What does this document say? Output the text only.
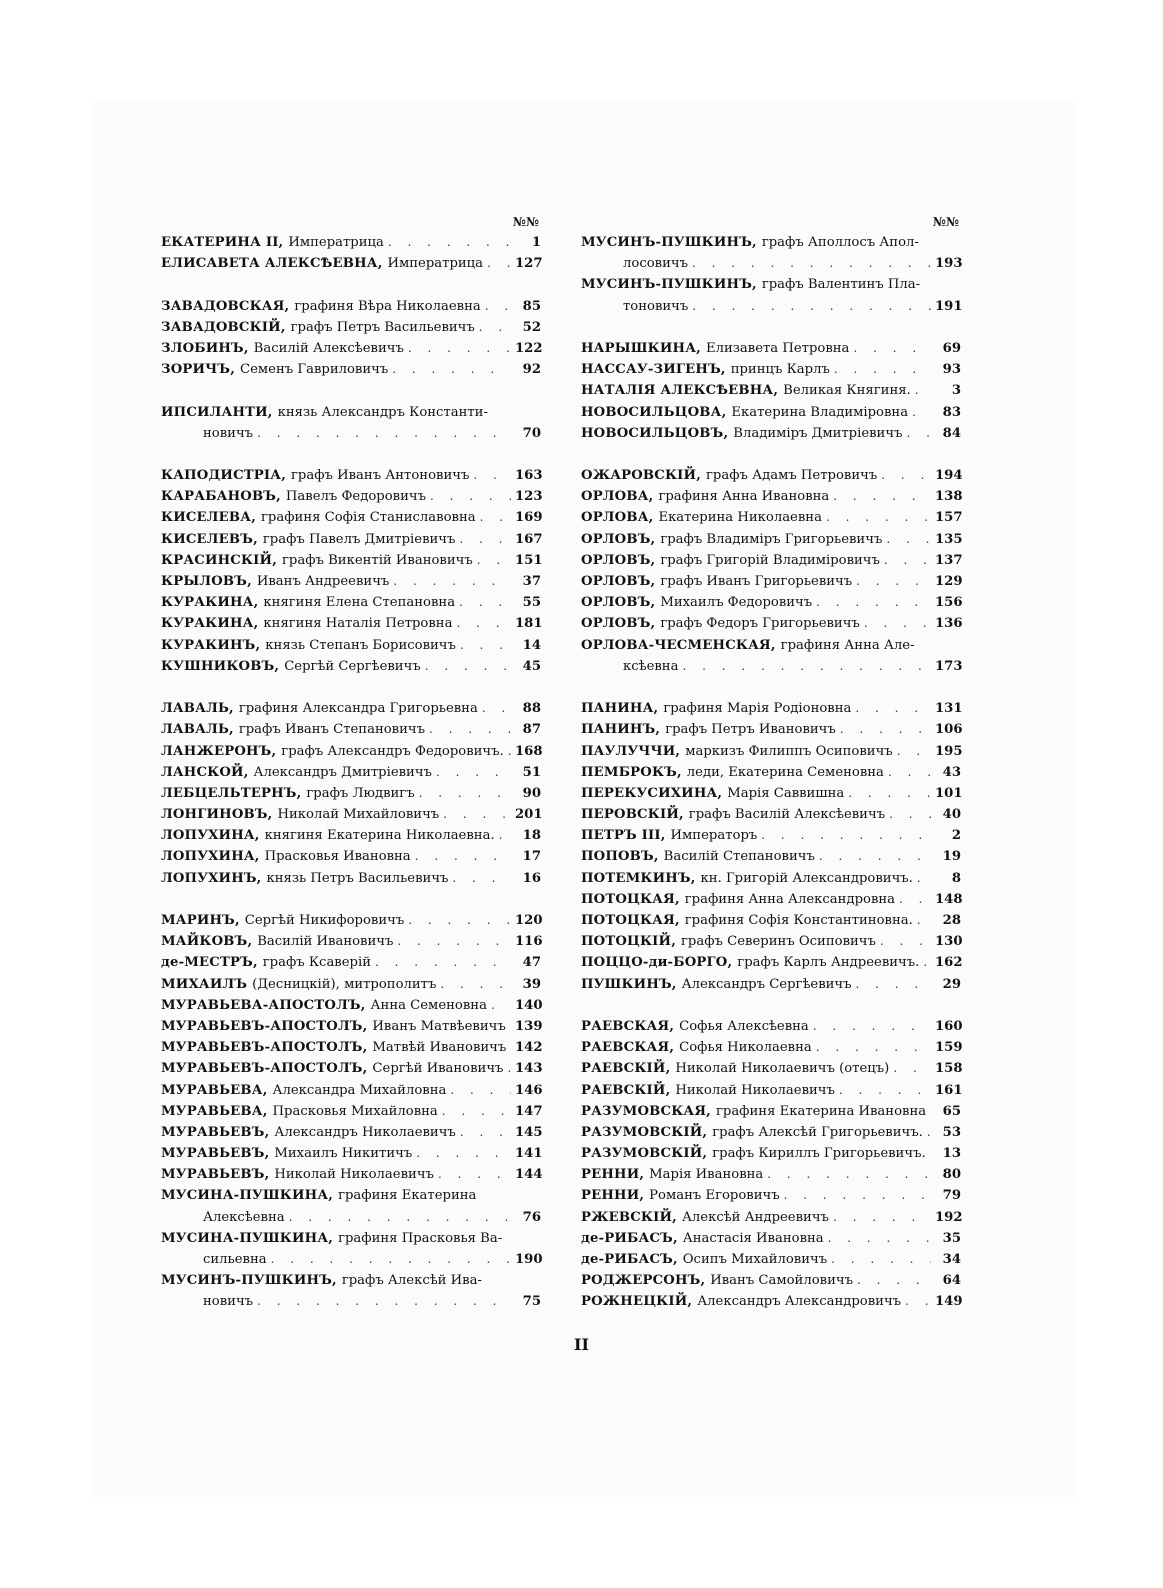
№№
ЕКАТЕРИНА II, Императрица . . .	1
ЕЛИСАВЕТА АЛЕКСѢЕВНА, Императрица . . . 127
ЗАВАДОВСКАЯ, графиня Вѣра Николаевна . . .	85
ЗАВАДОВСКІЙ, графъ Петръ Васильевичъ . . .	52
ЗЛОБИНЪ, Василій Алексѣевичъ . . .	122
ЗОРИЧЪ, Семенъ Гавриловичъ . . .	92
ИПСИЛАНТИ, князь Александръ Константи-
новичъ . . .	70
КАПОДИСТРІА, графъ Иванъ Антоновичъ . . .	163
КАРАБАНОВЪ, Павелъ Федоровичъ . . .	123
КИСЕЛЕВА, графиня Софія Станиславовна . . .	169
КИСЕЛЕВЪ, графъ Павелъ Дмитріевичъ . . .	167
КРАСИНСКІЙ, графъ Викентій Ивановичъ . . .	151
КРЫЛОВЪ, Иванъ Андреевичъ . . .	37
КУРАКИНА, княгиня Елена Степановна . . .	55
КУРАКИНА, княгиня Наталія Петровна . . .	181
КУРАКИНЪ, князь Степанъ Борисовичъ . . .	14
КУШНИКОВЪ, Сергѣй Сергѣевичъ . . .	45
ЛАВАЛЬ, графиня Александра Григорьевна . . .	88
ЛАВАЛЬ, графъ Иванъ Степановичъ . . .	87
ЛАНЖЕРОНЪ, графъ Александръ Федоровичъ. . . . 168
ЛАНСКОЙ, Александръ Дмитріевичъ . . .	51
ЛЕБЦЕЛЬТЕРНЪ, графъ Людвигъ . . .	90
ЛОНГИНОВЪ, Николай Михайловичъ . . .	201
ЛОПУХИНА, княгиня Екатерина Николаевна. . . .	18
ЛОПУХИНА, Прасковья Ивановна . . .	17
ЛОПУХИНЪ, князь Петръ Васильевичъ . . .	16
МАРИНЪ, Сергѣй Никифоровичъ . . .	120
МАЙКОВЪ, Василій Ивановичъ . . .	116
де-МЕСТРЪ, графъ Ксаверій . . .	47
МИХАИЛЪ (Десницкій), митрополитъ . . .	39
МУРАВЬЕВА-АПОСТОЛЪ, Анна Семеновна . . . 140
МУРАВЬЕВЪ-АПОСТОЛЪ, Иванъ Матвѣевичъ . . . 139
МУРАВЬЕВЪ-АПОСТОЛЪ, Матвѣй Ивановичъ . . . 142
МУРАВЬЕВЪ-АПОСТОЛЪ, Сергѣй Ивановичъ . . . 143
МУРАВЬЕВА, Александра Михайловна . . .	146
МУРАВЬЕВА, Прасковья Михайловна . . .	147
МУРАВЬЕВЪ, Александръ Николаевичъ . . .	145
МУРАВЬЕВЪ, Михаилъ Никитичъ . . .	141
МУРАВЬЕВЪ, Николай Николаевичъ . . .	144
МУСИНА-ПУШКИНА, графиня Екатерина
Алексѣевна . . .	76
МУСИНА-ПУШКИНА, графиня Прасковья Ва-
сильевна . . .	190
МУСИНЪ-ПУШКИНЪ, графъ Алексѣй Ива-
новичъ . . .	75
№№
МУСИНЪ-ПУШКИНЪ, графъ Аполлосъ Апол-
лосовичъ . . .	193
МУСИНЪ-ПУШКИНЪ, графъ Валентинъ Пла-
тоновичъ . . .	191
НАРЫШКИНА, Елизавета Петровна . . .	69
НАССАУ-ЗИГЕНЪ, принцъ Карлъ . . .	93
НАТАЛІЯ АЛЕКСѢЕВНА, Великая Княгиня. . . .	3
НОВОСИЛЬЦОВА, Екатерина Владиміровна . . .	83
НОВОСИЛЬЦОВЪ, Владиміръ Дмитріевичъ . . .	84
ОЖАРОВСКІЙ, графъ Адамъ Петровичъ . . .	194
ОРЛОВА, графиня Анна Ивановна . . .	138
ОРЛОВА, Екатерина Николаевна . . .	157
ОРЛОВЪ, графъ Владиміръ Григорьевичъ . . .	135
ОРЛОВЪ, графъ Григорій Владиміровичъ . . .	137
ОРЛОВЪ, графъ Иванъ Григорьевичъ . . .	129
ОРЛОВЪ, Михаилъ Федоровичъ . . .	156
ОРЛОВЪ, графъ Федоръ Григорьевичъ . . .	136
ОРЛОВА-ЧЕСМЕНСКАЯ, графиня Анна Але-
ксѣевна . . .	173
ПАНИНА, графиня Марія Родіоновна . . .	131
ПАНИНЪ, графъ Петръ Ивановичъ . . .	106
ПАУЛУЧЧИ, маркизъ Филиппъ Осиповичъ . . .	195
ПЕМБРОКЪ, леди, Екатерина Семеновна . . .	43
ПЕРЕКУСИХИНА, Марія Саввишна . . .	101
ПЕРОВСКІЙ, графъ Василій Алексѣевичъ . . .	40
ПЕТРЪ III, Императоръ . . .	2
ПОПОВЪ, Василій Степановичъ . . .	19
ПОТЕМКИНЪ, кн. Григорій Александровичъ. . . .	8
ПОТОЦКАЯ, графиня Анна Александровна . . .	148
ПОТОЦКАЯ, графиня Софія Константиновна. . . .	28
ПОТОЦКІЙ, графъ Северинъ Осиповичъ . . .	130
ПОЦЦО-ди-БОРГО, графъ Карлъ Андреевичъ. . . . 162
ПУШКИНЪ, Александръ Сергѣевичъ . . .	29
РАЕВСКАЯ, Софья Алексѣевна . . .	160
РАЕВСКАЯ, Софья Николаевна . . .	159
РАЕВСКІЙ, Николай Николаевичъ (отецъ) . . .	158
РАЕВСКІЙ, Николай Николаевичъ . . .	161
РАЗУМОВСКАЯ, графиня Екатерина Ивановна . . .	65
РАЗУМОВСКІЙ, графъ Алексѣй Григорьевичъ. . . .	53
РАЗУМОВСКІЙ, графъ Кириллъ Григорьевичъ. . . .	13
РЕННИ, Марія Ивановна . . .	80
РЕННИ, Романъ Егоровичъ . . .	79
РЖЕВСКІЙ, Алексѣй Андреевичъ . . .	192
де-РИБАСЪ, Анастасія Ивановна . . .	35
де-РИБАСЪ, Осипъ Михайловичъ . . .	34
РОДЖЕРСОНЪ, Иванъ Самойловичъ . . .	64
РОЖНЕЦКІЙ, Александръ Александровичъ . . .	149
II
